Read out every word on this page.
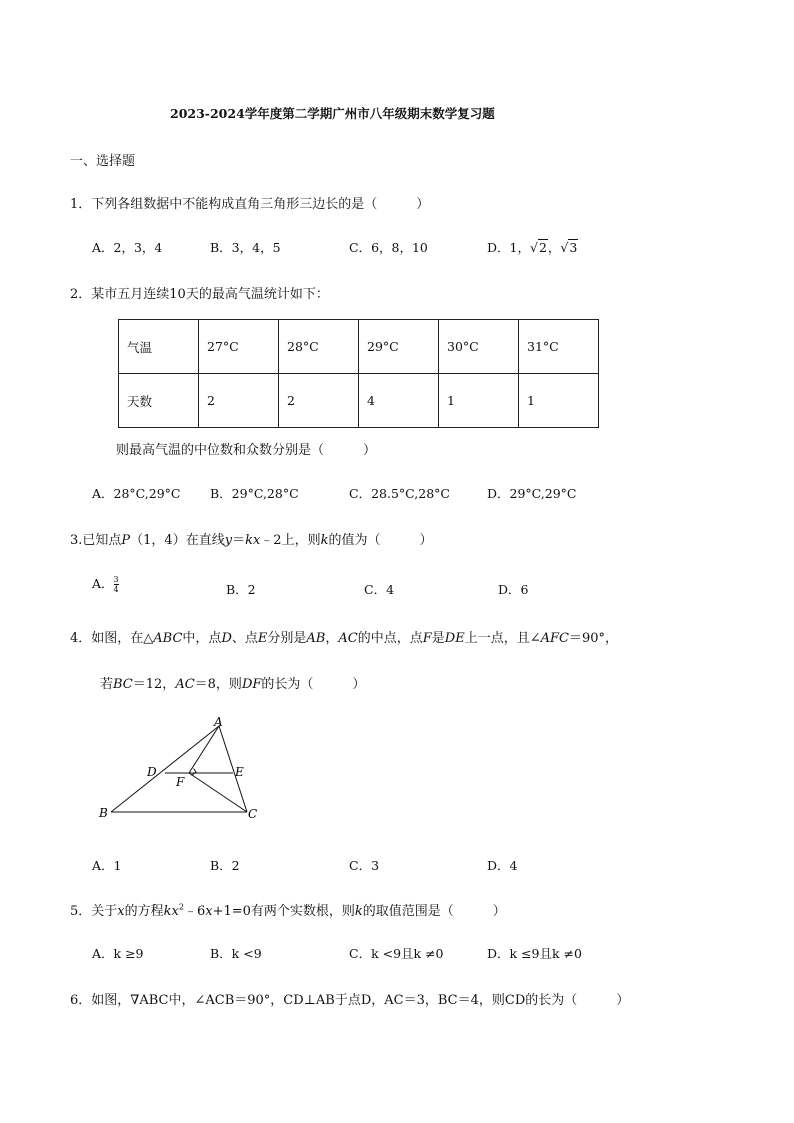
2023-2024学年度第二学期广州市八年级期末数学复习题
一、选择题
1．下列各组数据中不能构成直角三角形三边长的是（　　　）
A．2，3，4	B．3，4，5	C．6，8，10	D．1，√2，√3
2．某市五月连续10天的最高气温统计如下：
气温	27°C	28°C	29°C	30°C	31°C
天数	2	2	4	1	1
则最高气温的中位数和众数分别是（　　　）
A．28°C,29°C B．29°C,28°C	C．28.5°C,28°C	D．29°C,29°C
3.已知点P（1，4）在直线y＝kx﹣2上，则k的值为（　　　）
A． $\frac{3}{4}$	B．2	C．4	D．6
4．如图，在△ABC中，点D、点E分别是AB，AC的中点，点F是DE上一点，且∠AFC＝90°，
若BC＝12，AC＝8，则DF的长为（　　　）
A
B	C
D	E
F
A．1	B．2	C．3	D．4
5．关于x的方程$kx^2﹣6x+1=0$有两个实数根，则k的取值范围是（　　　）
A．k ≥9	B．k <9	C．k <9且k ≠0	D．k ≤9且k ≠0
6．如图，∇ABC中，∠ACB＝90°，CD⊥AB于点D，AC＝3，BC＝4，则CD的长为（　　　）
